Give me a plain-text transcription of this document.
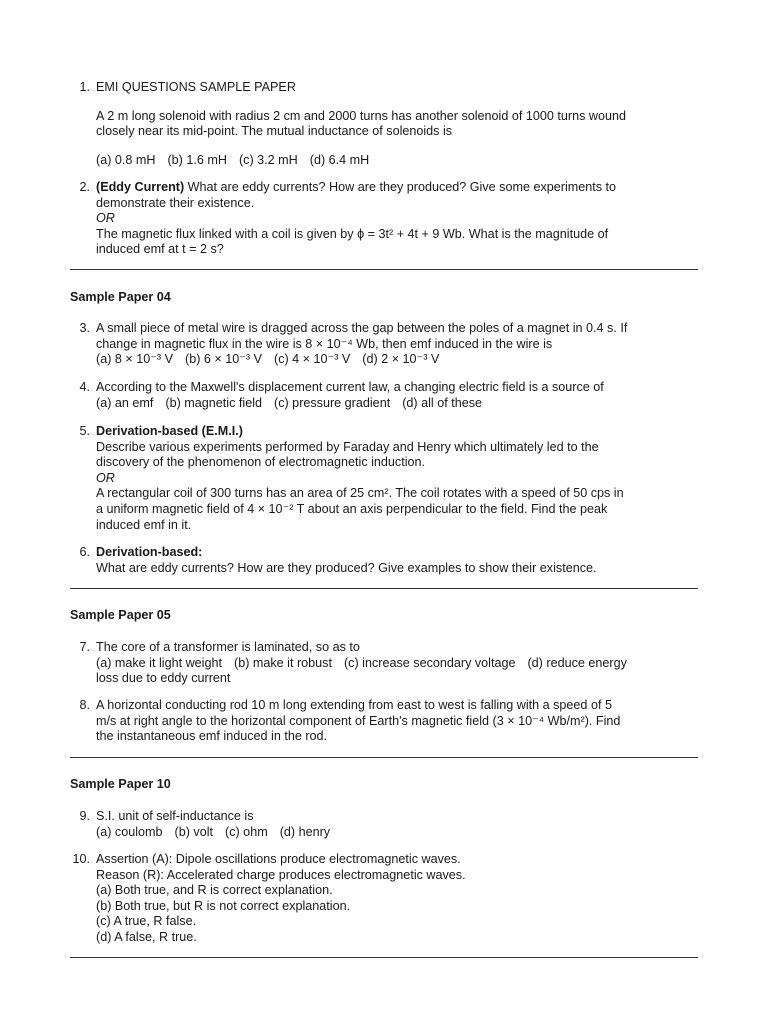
1. EMI QUESTIONS SAMPLE PAPER
A 2 m long solenoid with radius 2 cm and 2000 turns has another solenoid of 1000 turns wound
closely near its mid-point. The mutual inductance of solenoids is
(a) 0.8 mH (b) 1.6 mH (c) 3.2 mH (d) 6.4 mH
2. (Eddy Current) What are eddy currents? How are they produced? Give some experiments to
demonstrate their existence.
OR
The magnetic flux linked with a coil is given by ϕ = 3t² + 4t + 9 Wb. What is the magnitude of
induced emf at t = 2 s?
Sample Paper 04
3. A small piece of metal wire is dragged across the gap between the poles of a magnet in 0.4 s. If
change in magnetic flux in the wire is 8 × 10⁻⁴ Wb, then emf induced in the wire is
(a) 8 × 10⁻³ V (b) 6 × 10⁻³ V (c) 4 × 10⁻³ V (d) 2 × 10⁻³ V
4. According to the Maxwell's displacement current law, a changing electric field is a source of
(a) an emf (b) magnetic field (c) pressure gradient (d) all of these
5. Derivation-based (E.M.I.)
Describe various experiments performed by Faraday and Henry which ultimately led to the
discovery of the phenomenon of electromagnetic induction.
OR
A rectangular coil of 300 turns has an area of 25 cm². The coil rotates with a speed of 50 cps in
a uniform magnetic field of 4 × 10⁻² T about an axis perpendicular to the field. Find the peak
induced emf in it.
6. Derivation-based:
What are eddy currents? How are they produced? Give examples to show their existence.
Sample Paper 05
7. The core of a transformer is laminated, so as to
(a) make it light weight (b) make it robust (c) increase secondary voltage (d) reduce energy
loss due to eddy current
8. A horizontal conducting rod 10 m long extending from east to west is falling with a speed of 5
m/s at right angle to the horizontal component of Earth's magnetic field (3 × 10⁻⁴ Wb/m²). Find
the instantaneous emf induced in the rod.
Sample Paper 10
9. S.I. unit of self-inductance is
(a) coulomb (b) volt (c) ohm (d) henry
10. Assertion (A): Dipole oscillations produce electromagnetic waves.
Reason (R): Accelerated charge produces electromagnetic waves.
(a) Both true, and R is correct explanation.
(b) Both true, but R is not correct explanation.
(c) A true, R false.
(d) A false, R true.
